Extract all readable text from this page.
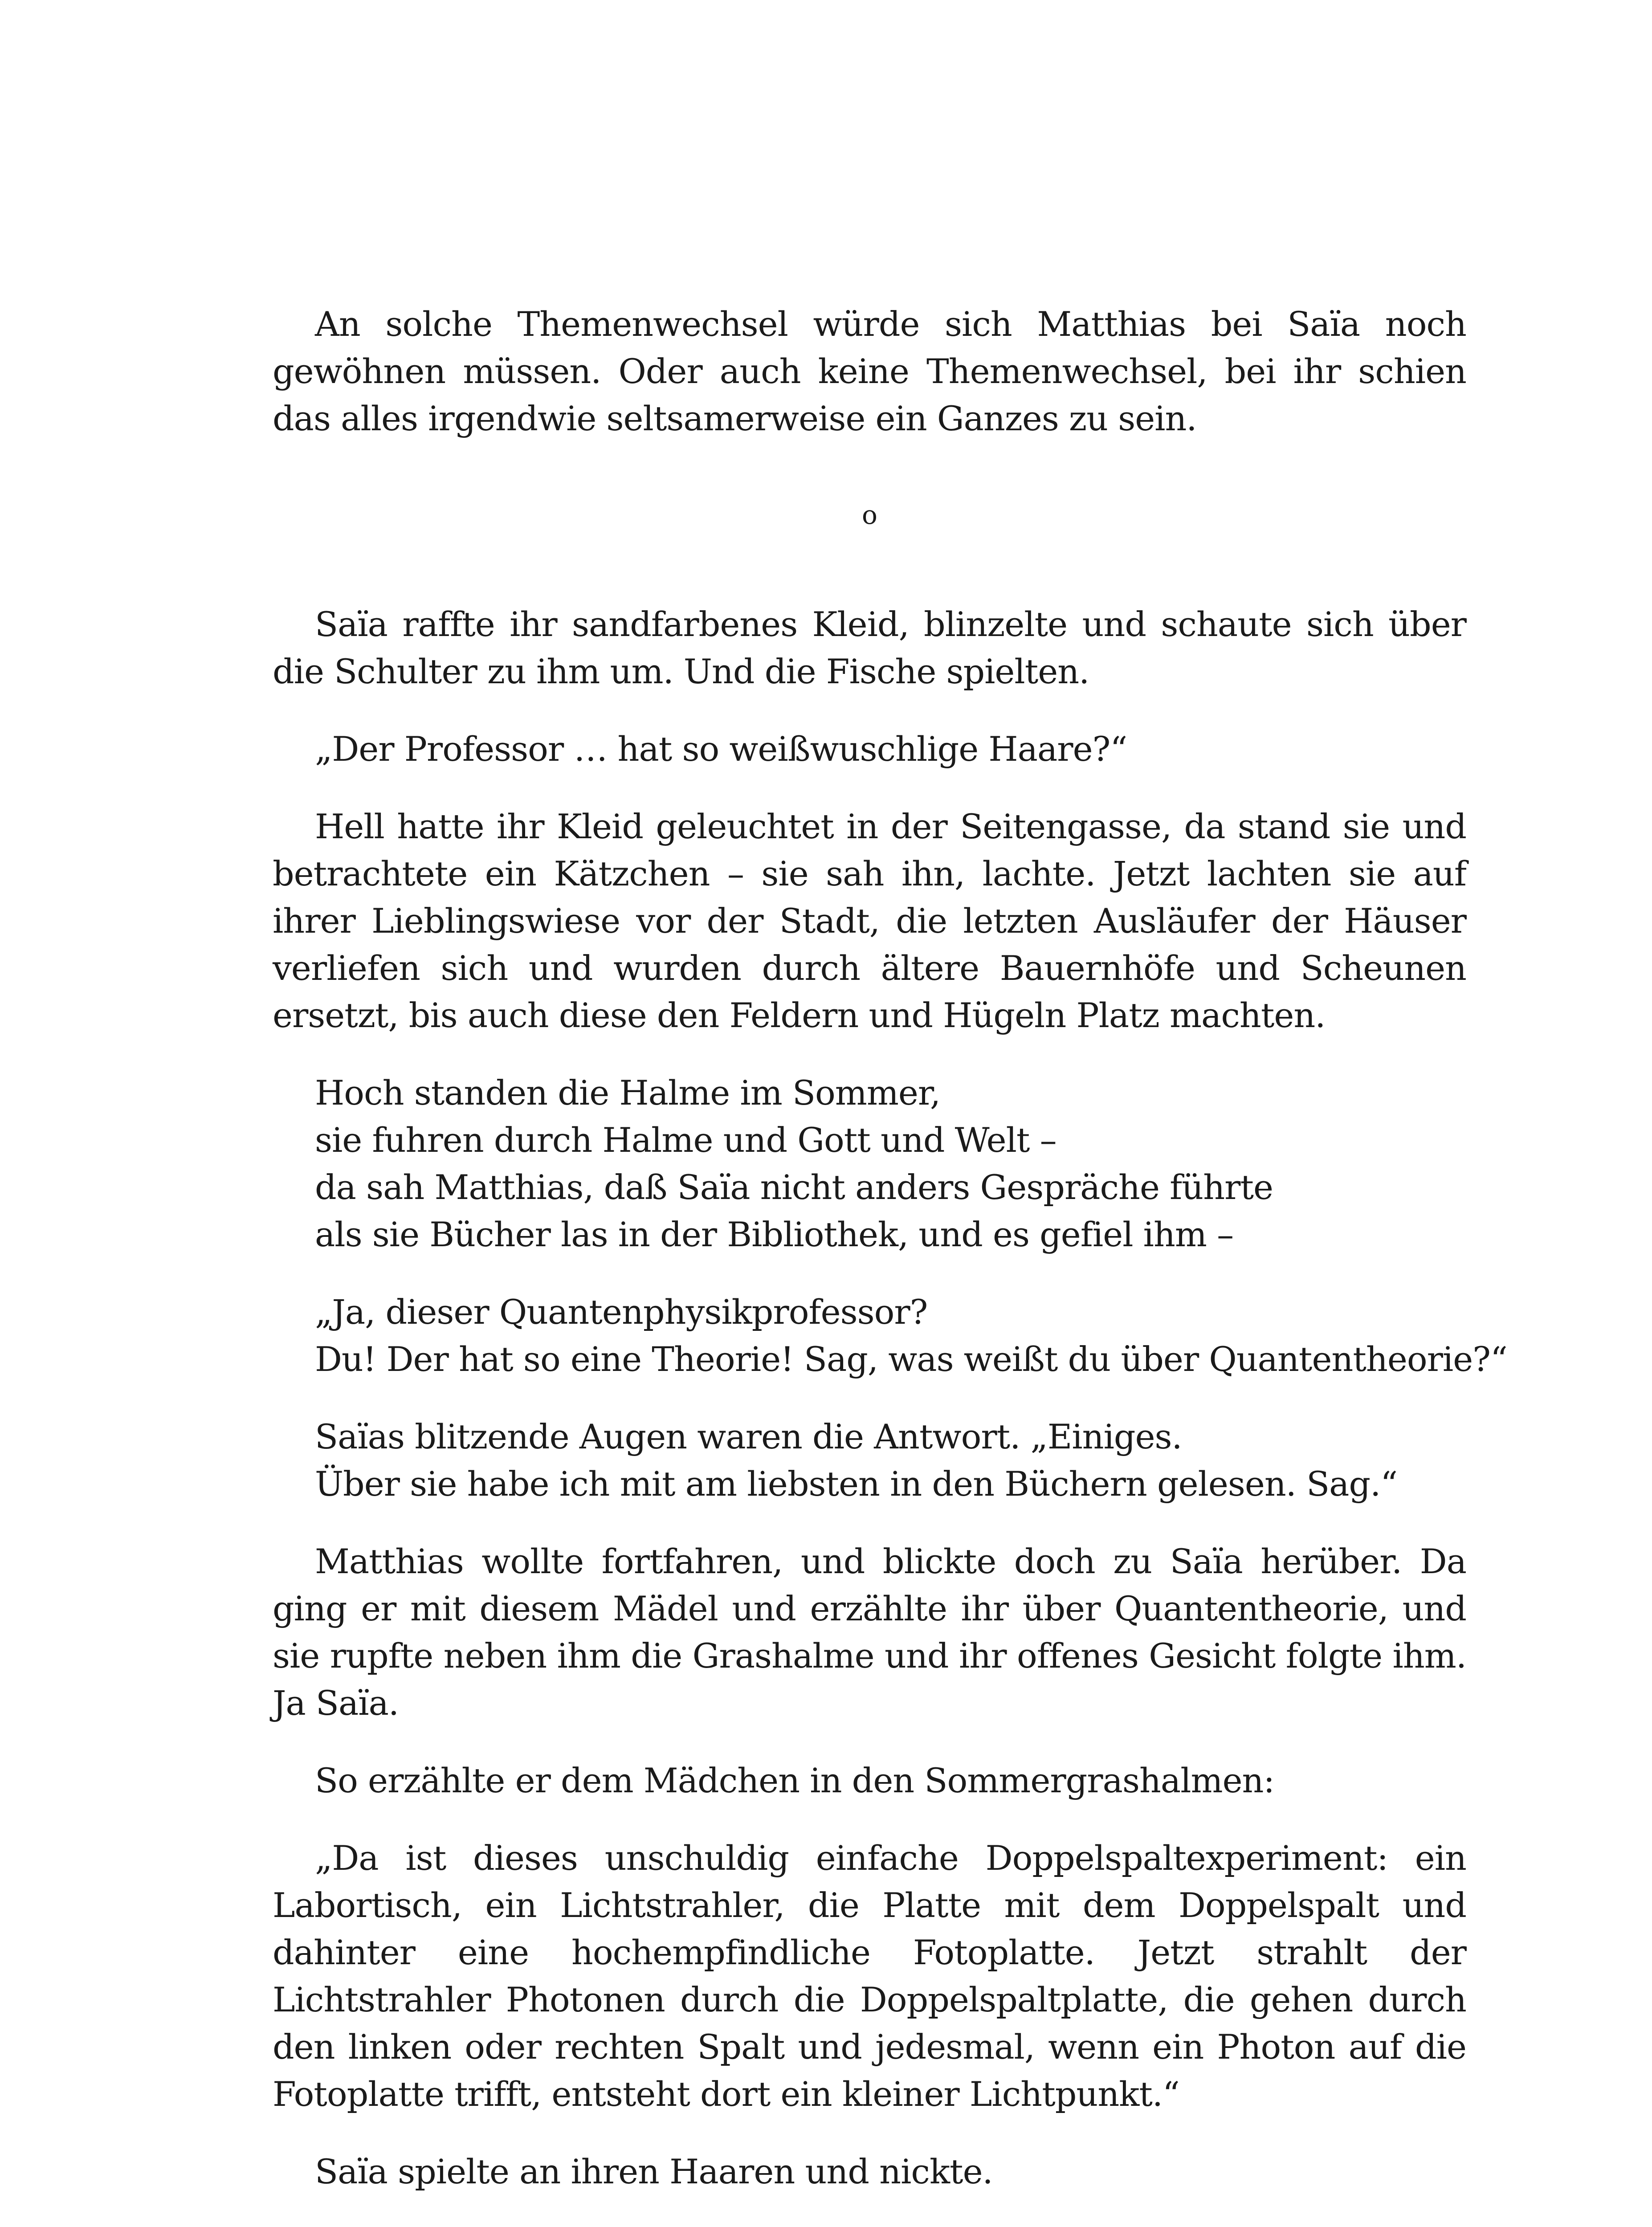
An solche Themenwechsel würde sich Matthias bei Saïa noch gewöhnen müssen. Oder auch keine Themenwechsel, bei ihr schien das alles irgendwie seltsamerweise ein Ganzes zu sein.

o

Saïa raffte ihr sandfarbenes Kleid, blinzelte und schaute sich über die Schulter zu ihm um. Und die Fische spielten.

„Der Professor … hat so weißwuschlige Haare?“

Hell hatte ihr Kleid geleuchtet in der Seitengasse, da stand sie und betrachtete ein Kätzchen – sie sah ihn, lachte. Jetzt lachten sie auf ihrer Lieblingswiese vor der Stadt, die letzten Ausläufer der Häuser verliefen sich und wurden durch ältere Bauernhöfe und Scheunen ersetzt, bis auch diese den Feldern und Hügeln Platz machten.

Hoch standen die Halme im Sommer,
sie fuhren durch Halme und Gott und Welt –
da sah Matthias, daß Saïa nicht anders Gespräche führte
als sie Bücher las in der Bibliothek, und es gefiel ihm –
„Ja, dieser Quantenphysikprofessor?
Du! Der hat so eine Theorie! Sag, was weißt du über Quantentheorie?“
Saïas blitzende Augen waren die Antwort. „Einiges.
Über sie habe ich mit am liebsten in den Büchern gelesen. Sag.“

Matthias wollte fortfahren, und blickte doch zu Saïa herüber. Da ging er mit diesem Mädel und erzählte ihr über Quantentheorie, und sie rupfte neben ihm die Grashalme und ihr offenes Gesicht folgte ihm. Ja Saïa.

So erzählte er dem Mädchen in den Sommergrashalmen:

„Da ist dieses unschuldig einfache Doppelspaltexperiment: ein Labortisch, ein Lichtstrahler, die Platte mit dem Doppelspalt und dahinter eine hochempfindliche Fotoplatte. Jetzt strahlt der Lichtstrahler Photonen durch die Doppelspaltplatte, die gehen durch den linken oder rechten Spalt und jedesmal, wenn ein Photon auf die Fotoplatte trifft, entsteht dort ein kleiner Lichtpunkt.“

Saïa spielte an ihren Haaren und nickte.
